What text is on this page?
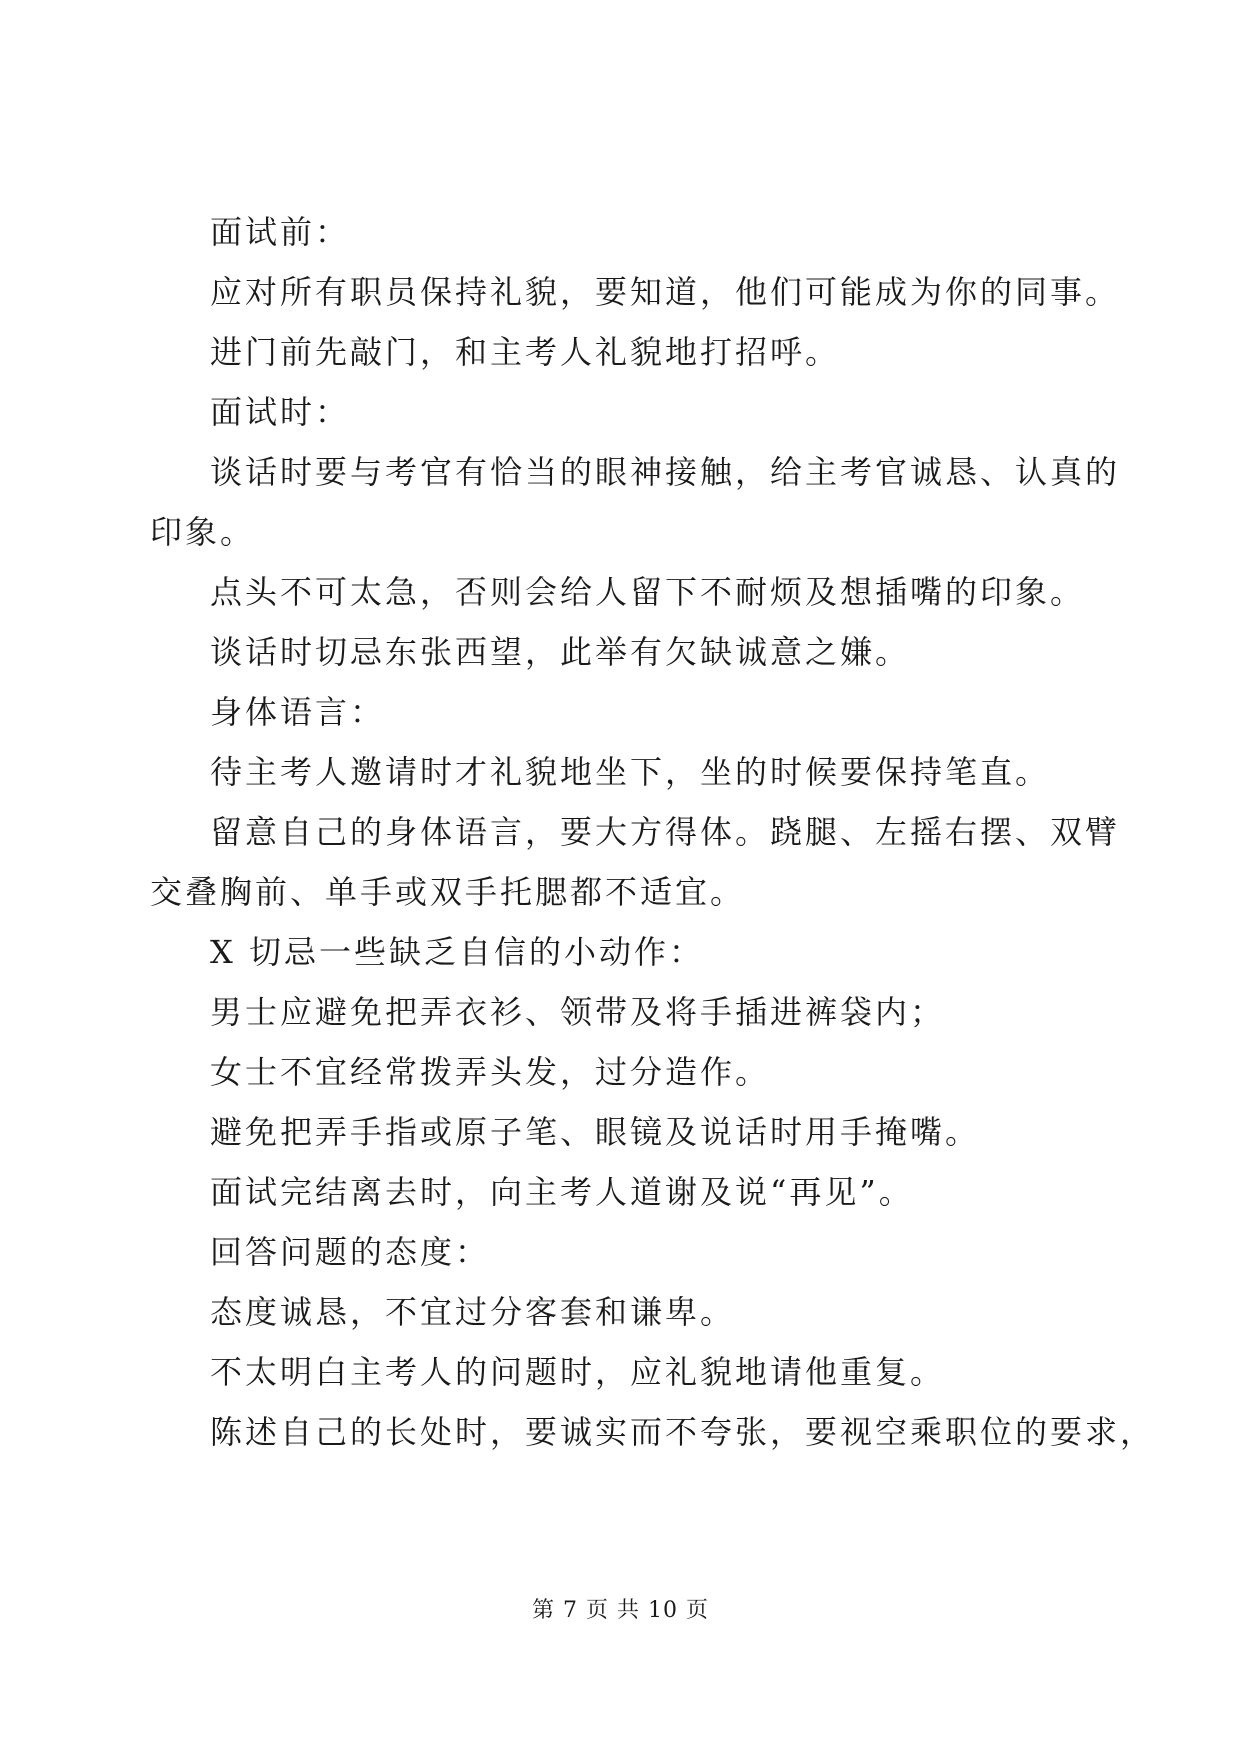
面试前：
应对所有职员保持礼貌，要知道，他们可能成为你的同事。
进门前先敲门，和主考人礼貌地打招呼。
面试时：
谈话时要与考官有恰当的眼神接触，给主考官诚恳、认真的
印象。
点头不可太急，否则会给人留下不耐烦及想插嘴的印象。
谈话时切忌东张西望，此举有欠缺诚意之嫌。
身体语言：
待主考人邀请时才礼貌地坐下，坐的时候要保持笔直。
留意自己的身体语言，要大方得体。跷腿、左摇右摆、双臂
交叠胸前、单手或双手托腮都不适宜。
X 切忌一些缺乏自信的小动作：
男士应避免把弄衣衫、领带及将手插进裤袋内；
女士不宜经常拨弄头发，过分造作。
避免把弄手指或原子笔、眼镜及说话时用手掩嘴。
面试完结离去时，向主考人道谢及说“再见”。
回答问题的态度：
态度诚恳，不宜过分客套和谦卑。
不太明白主考人的问题时，应礼貌地请他重复。
陈述自己的长处时，要诚实而不夸张，要视空乘职位的要求，
第 7 页 共 10 页
